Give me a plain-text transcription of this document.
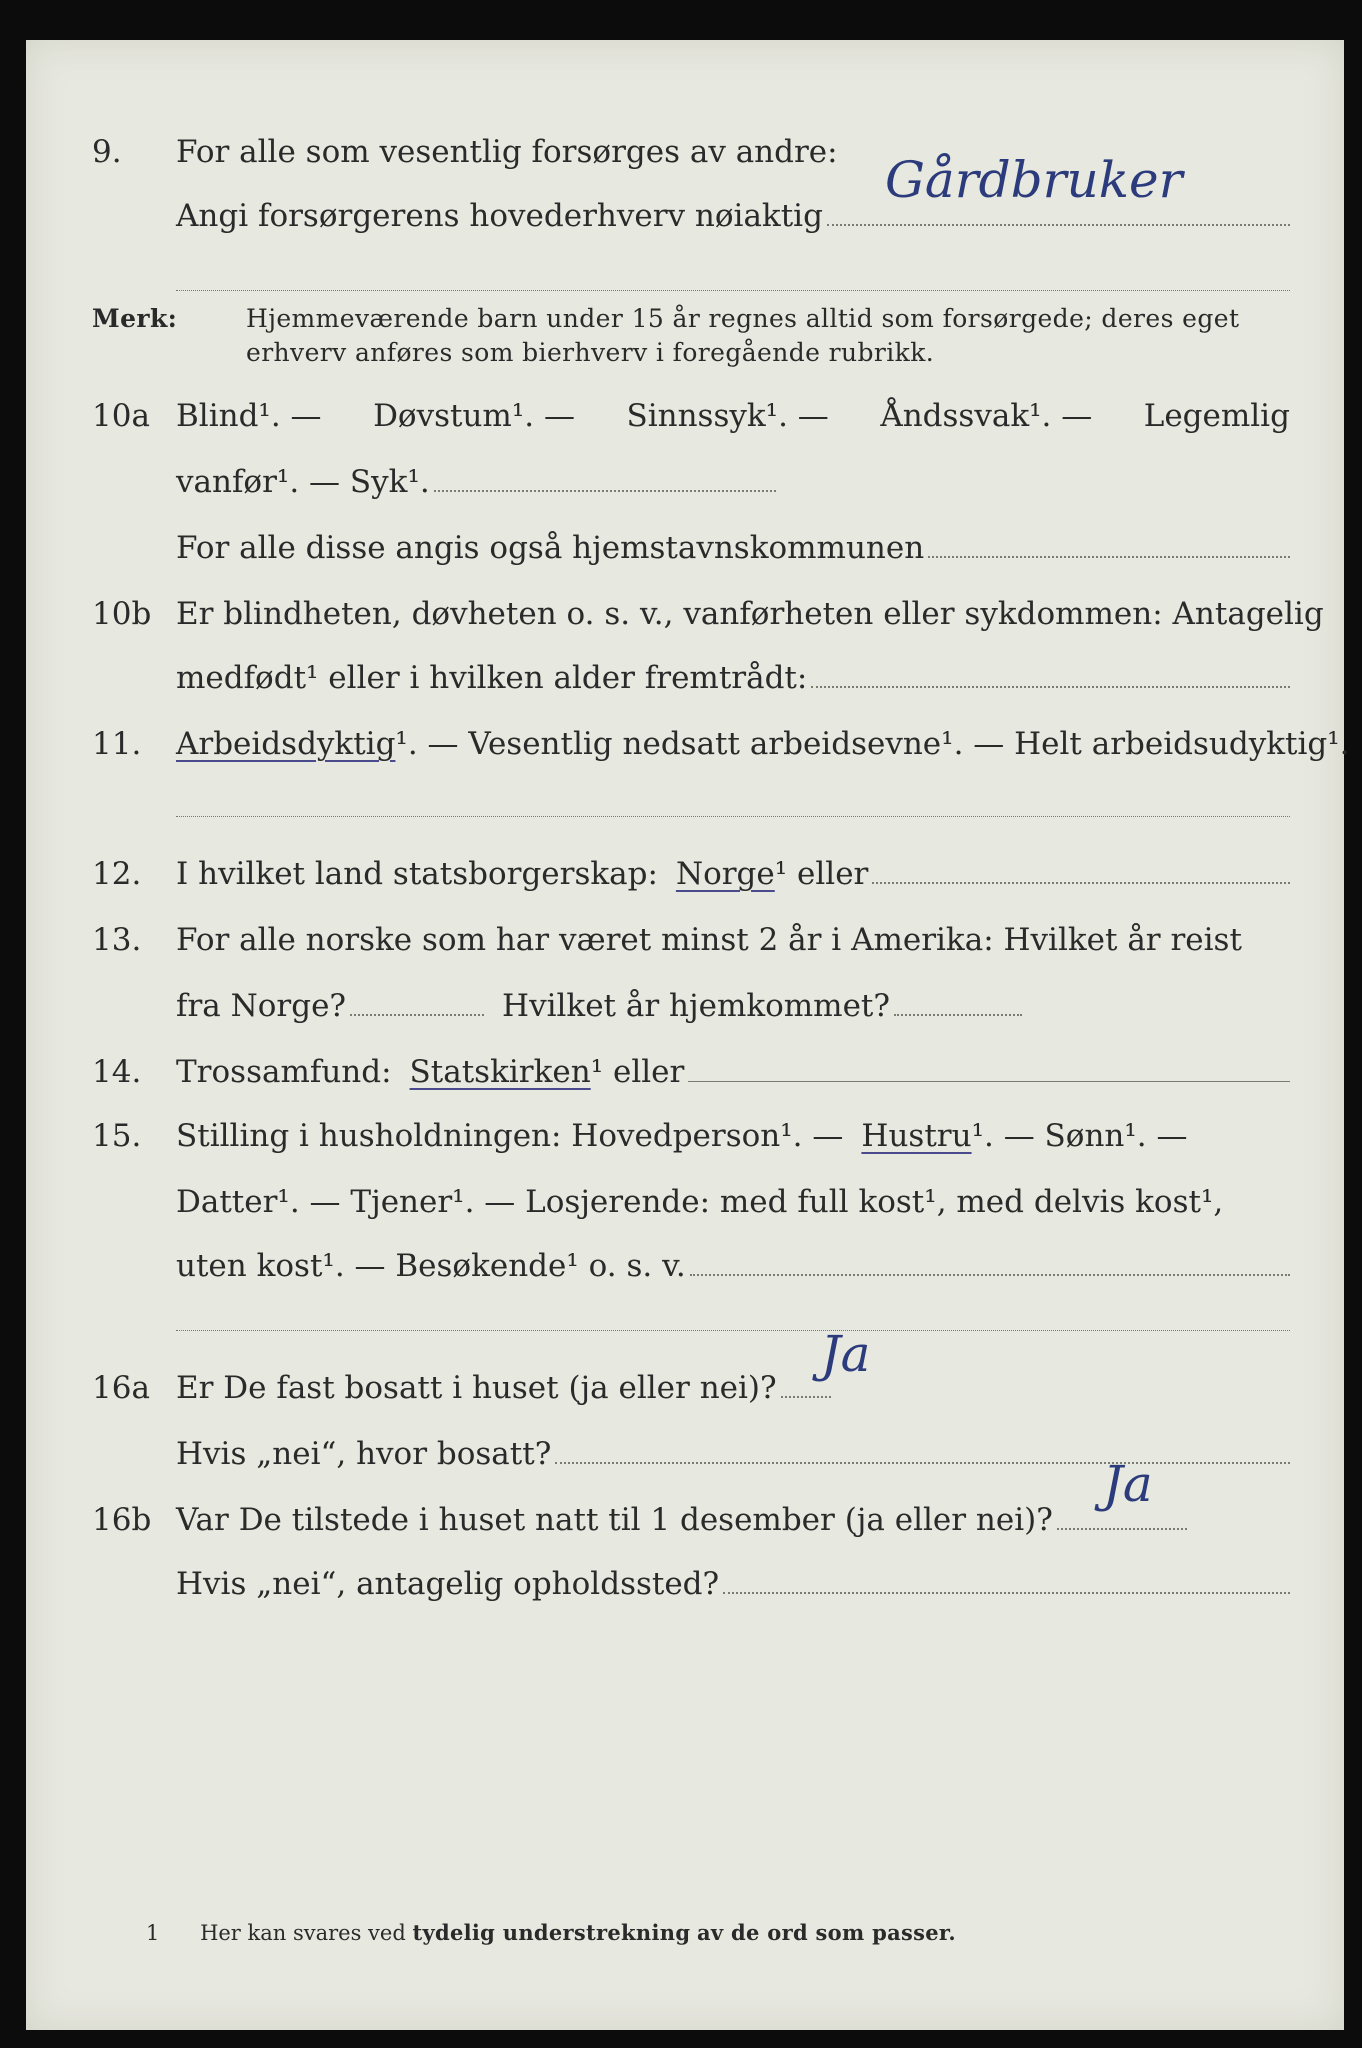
9.	For alle som vesentlig forsørges av andre:
Angi forsørgerens hovederhverv nøiaktig
Gårdbruker
Merk:	Hjemmeværende barn under 15 år regnes alltid som forsørgede; deres eget erhverv anføres som bierhverv i foregående rubrikk.
10a Blind¹. — Døvstum¹. — Sinnssyk¹. — Åndssvak¹. — Legemlig
vanfør¹. — Syk¹.
For alle disse angis også hjemstavnskommunen
10b Er blindheten, døvheten o. s. v., vanførheten eller sykdommen: Antagelig
medfødt¹ eller i hvilken alder fremtrådt:
11.	Arbeidsdyktig ¹. — Vesentlig nedsatt arbeidsevne¹. — Helt arbeidsudyktig¹.
12.	I hvilket land statsborgerskap: Norge ¹ eller
13.	For alle norske som har været minst 2 år i Amerika: Hvilket år reist
fra Norge?	Hvilket år hjemkommet?
14.	Trossamfund: Statskirken ¹ eller
15.	Stilling i husholdningen: Hovedperson¹. — Hustru ¹. — Sønn¹. —
Datter¹. — Tjener¹. — Losjerende: med full kost¹, med delvis kost¹,
uten kost¹. — Besøkende¹ o. s. v.
16a Er De fast bosatt i huset (ja eller nei)?
Ja
Hvis „nei“, hvor bosatt?
16b Var De tilstede i huset natt til 1 desember (ja eller nei)?
Ja
Hvis „nei“, antagelig opholdssted?
1 Her kan svares ved tydelig understrekning av de ord som passer.
